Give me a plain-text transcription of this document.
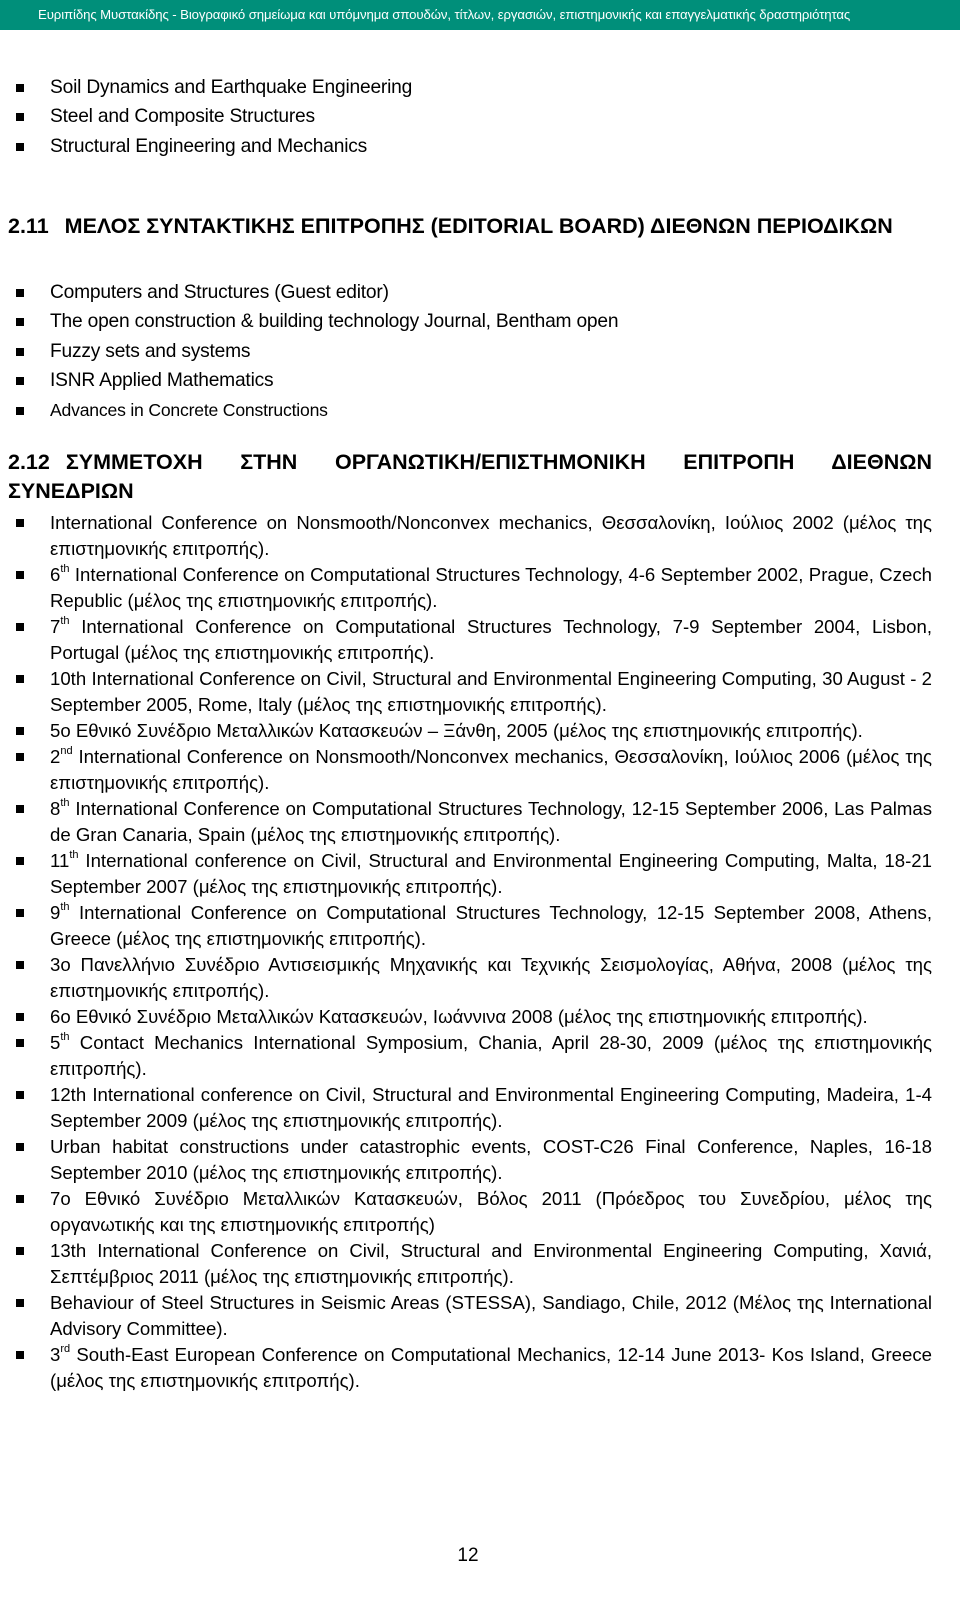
Ευριπίδης Μυστακίδης - Βιογραφικό σημείωμα και υπόμνημα σπουδών, τίτλων, εργασιών, επιστημονικής και επαγγελματικής δραστηριότητας
Soil Dynamics and Earthquake Engineering
Steel and Composite Structures
Structural Engineering and Mechanics
2.11 ΜΕΛΟΣ ΣΥΝΤΑΚΤΙΚΗΣ ΕΠΙΤΡΟΠΗΣ (EDITORIAL BOARD) ΔΙΕΘΝΩΝ ΠΕΡΙΟΔΙΚΩΝ
Computers and Structures (Guest editor)
The open construction & building technology Journal, Bentham open
Fuzzy sets and systems
ISNR Applied Mathematics
Advances in Concrete Constructions
2.12 ΣΥΜΜΕΤΟΧΗ ΣΤΗΝ ΟΡΓΑΝΩΤΙΚΗ/ΕΠΙΣΤΗΜΟΝΙΚΗ ΕΠΙΤΡΟΠΗ ΔΙΕΘΝΩΝ ΣΥΝΕΔΡΙΩΝ
International Conference on Nonsmooth/Nonconvex mechanics, Θεσσαλονίκη, Ιούλιος 2002 (μέλος της επιστημονικής επιτροπής).
6th International Conference on Computational Structures Technology, 4-6 September 2002, Prague, Czech Republic (μέλος της επιστημονικής επιτροπής).
7th International Conference on Computational Structures Technology, 7-9 September 2004, Lisbon, Portugal (μέλος της επιστημονικής επιτροπής).
10th International Conference on Civil, Structural and Environmental Engineering Computing, 30 August - 2 September 2005, Rome, Italy (μέλος της επιστημονικής επιτροπής).
5ο Εθνικό Συνέδριο Μεταλλικών Κατασκευών – Ξάνθη, 2005 (μέλος της επιστημονικής επιτροπής).
2nd International Conference on Nonsmooth/Nonconvex mechanics, Θεσσαλονίκη, Ιούλιος 2006 (μέλος της επιστημονικής επιτροπής).
8th International Conference on Computational Structures Technology, 12-15 September 2006, Las Palmas de Gran Canaria, Spain (μέλος της επιστημονικής επιτροπής).
11th International conference on Civil, Structural and Environmental Engineering Computing, Malta, 18-21 September 2007 (μέλος της επιστημονικής επιτροπής).
9th International Conference on Computational Structures Technology, 12-15 September 2008, Athens, Greece (μέλος της επιστημονικής επιτροπής).
3ο Πανελλήνιο Συνέδριο Αντισεισμικής Μηχανικής και Τεχνικής Σεισμολογίας, Αθήνα, 2008 (μέλος της επιστημονικής επιτροπής).
6ο Εθνικό Συνέδριο Μεταλλικών Κατασκευών, Ιωάννινα 2008 (μέλος της επιστημονικής επιτροπής).
5th Contact Mechanics International Symposium, Chania, April 28-30, 2009 (μέλος της επιστημονικής επιτροπής).
12th International conference on Civil, Structural and Environmental Engineering Computing, Madeira, 1-4 September 2009 (μέλος της επιστημονικής επιτροπής).
Urban habitat constructions under catastrophic events, COST-C26 Final Conference, Naples, 16-18 September 2010 (μέλος της επιστημονικής επιτροπής).
7ο Εθνικό Συνέδριο Μεταλλικών Κατασκευών, Βόλος 2011 (Πρόεδρος του Συνεδρίου, μέλος της οργανωτικής και της επιστημονικής επιτροπής)
13th International Conference on Civil, Structural and Environmental Engineering Computing, Χανιά, Σεπτέμβριος 2011 (μέλος της επιστημονικής επιτροπής).
Behaviour of Steel Structures in Seismic Areas (STESSA), Sandiago, Chile, 2012 (Μέλος της International Advisory Committee).
3rd South-East European Conference on Computational Mechanics, 12-14 June 2013- Kos Island, Greece (μέλος της επιστημονικής επιτροπής).
12
